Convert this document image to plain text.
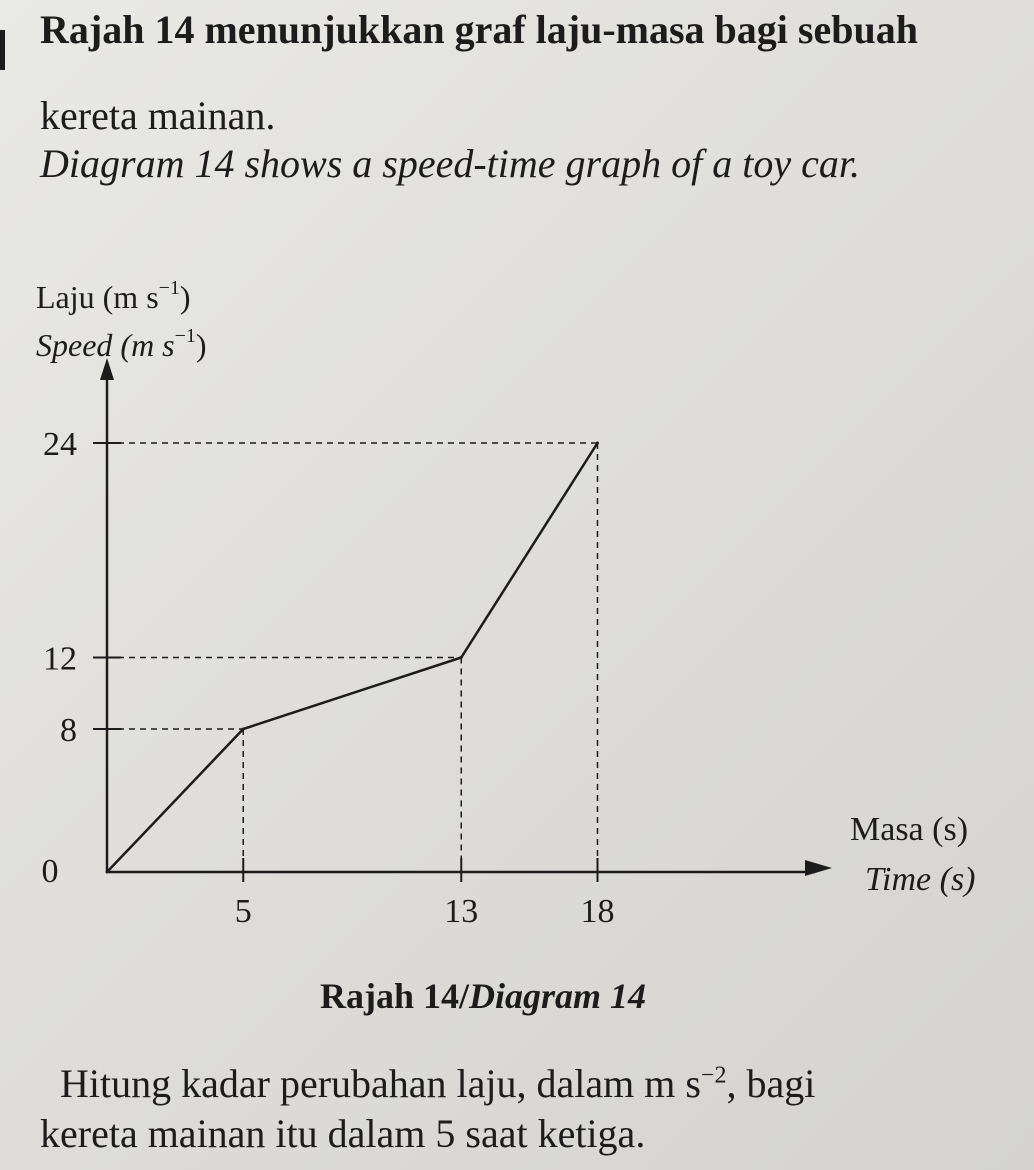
Rajah 14 menunjukkan graf laju-masa bagi sebuah
kereta mainan.
Diagram 14 shows a speed-time graph of a toy car.
24
12
8
5	13	18
0
Laju (m $s^{-1}$)
Speed (m $s^{-1}$)
Masa (s)
Time (s)
Rajah 14/Diagram 14
Hitung kadar perubahan laju, dalam m $s^{-2}$, bagi
kereta mainan itu dalam 5 saat ketiga.
